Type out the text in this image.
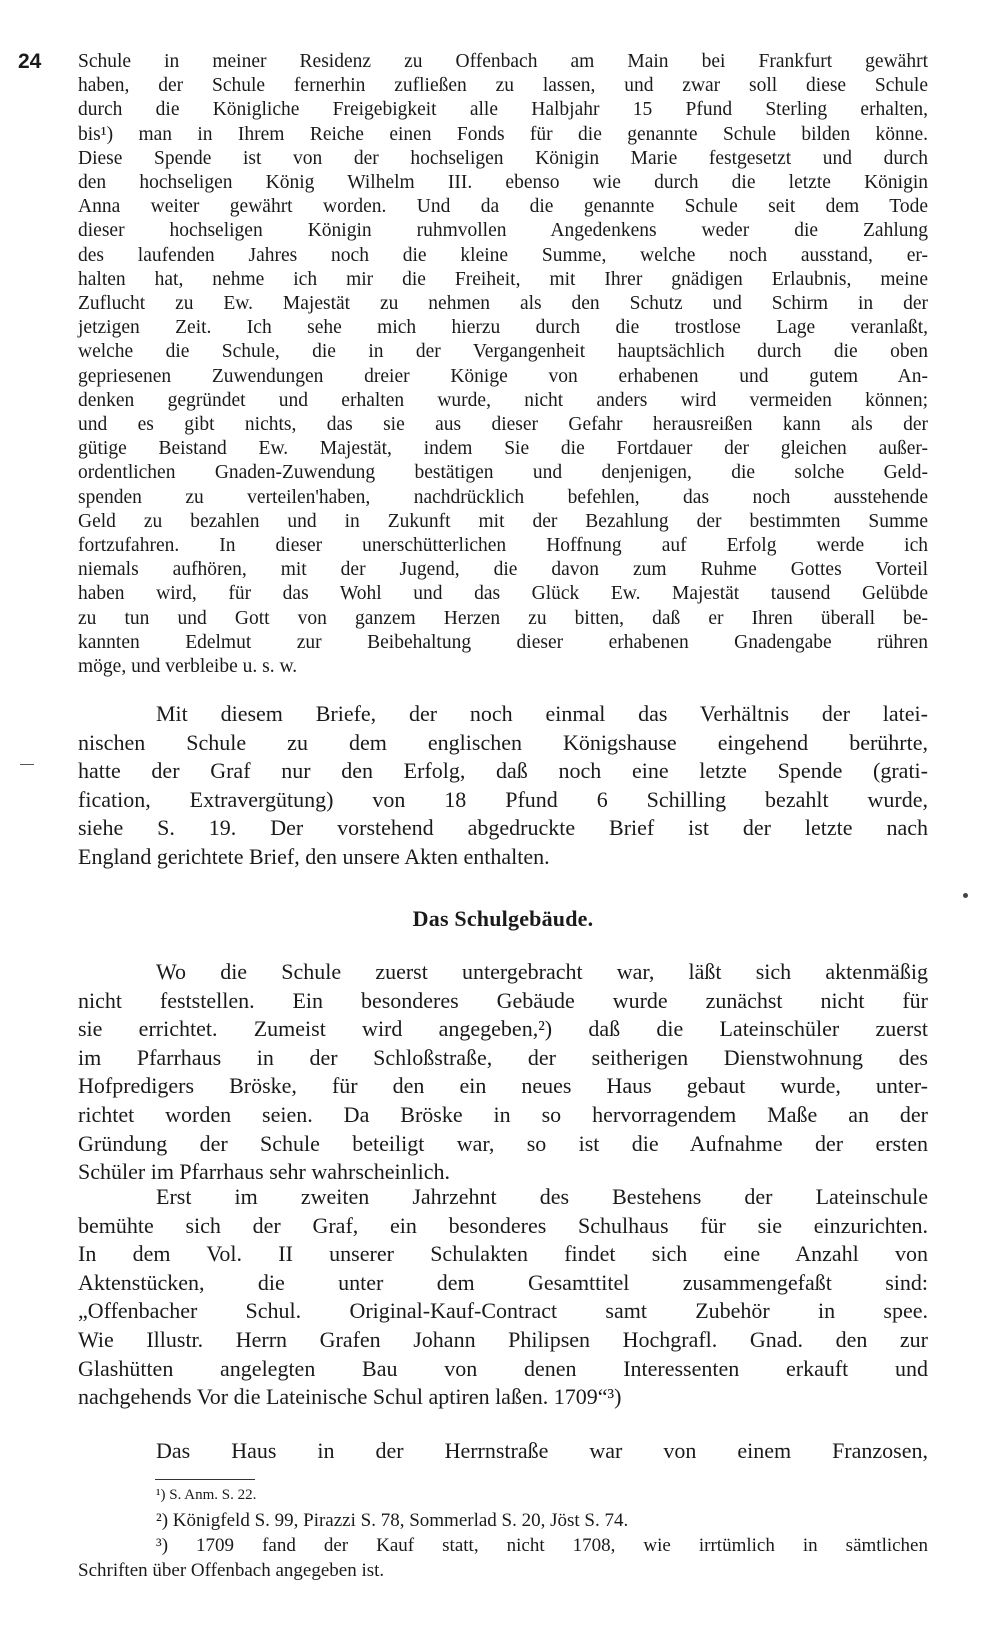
24 Schule in meiner Residenz zu Offenbach am Main bei Frankfurt gewährt
haben, der Schule fernerhin zufließen zu lassen, und zwar soll diese Schule
durch die Königliche Freigebigkeit alle Halbjahr 15 Pfund Sterling erhalten,
bis¹) man in Ihrem Reiche einen Fonds für die genannte Schule bilden könne.
Diese Spende ist von der hochseligen Königin Marie festgesetzt und durch
den hochseligen König Wilhelm III. ebenso wie durch die letzte Königin
Anna weiter gewährt worden. Und da die genannte Schule seit dem Tode
dieser hochseligen Königin ruhmvollen Angedenkens weder die Zahlung
des laufenden Jahres noch die kleine Summe, welche noch ausstand, er-
halten hat, nehme ich mir die Freiheit, mit Ihrer gnädigen Erlaubnis, meine
Zuflucht zu Ew. Majestät zu nehmen als den Schutz und Schirm in der
jetzigen Zeit. Ich sehe mich hierzu durch die trostlose Lage veranlaßt,
welche die Schule, die in der Vergangenheit hauptsächlich durch die oben
gepriesenen Zuwendungen dreier Könige von erhabenen und gutem An-
denken gegründet und erhalten wurde, nicht anders wird vermeiden können;
und es gibt nichts, das sie aus dieser Gefahr herausreißen kann als der
gütige Beistand Ew. Majestät, indem Sie die Fortdauer der gleichen außer-
ordentlichen Gnaden-Zuwendung bestätigen und denjenigen, die solche Geld-
spenden zu verteilen'haben, nachdrücklich befehlen, das noch ausstehende
Geld zu bezahlen und in Zukunft mit der Bezahlung der bestimmten Summe
fortzufahren. In dieser unerschütterlichen Hoffnung auf Erfolg werde ich
niemals aufhören, mit der Jugend, die davon zum Ruhme Gottes Vorteil
haben wird, für das Wohl und das Glück Ew. Majestät tausend Gelübde
zu tun und Gott von ganzem Herzen zu bitten, daß er Ihren überall be-
kannten Edelmut zur Beibehaltung dieser erhabenen Gnadengabe rühren
möge, und verbleibe u. s. w.
Mit diesem Briefe, der noch einmal das Verhältnis der latei-
nischen Schule zu dem englischen Königshause eingehend berührte,
hatte der Graf nur den Erfolg, daß noch eine letzte Spende (grati-
fication, Extravergütung) von 18 Pfund 6 Schilling bezahlt wurde,
siehe S. 19. Der vorstehend abgedruckte Brief ist der letzte nach
England gerichtete Brief, den unsere Akten enthalten.
Das Schulgebäude.
Wo die Schule zuerst untergebracht war, läßt sich aktenmäßig
nicht feststellen. Ein besonderes Gebäude wurde zunächst nicht für
sie errichtet. Zumeist wird angegeben,²) daß die Lateinschüler zuerst
im Pfarrhaus in der Schloßstraße, der seitherigen Dienstwohnung des
Hofpredigers Bröske, für den ein neues Haus gebaut wurde, unter-
richtet worden seien. Da Bröske in so hervorragendem Maße an der
Gründung der Schule beteiligt war, so ist die Aufnahme der ersten
Schüler im Pfarrhaus sehr wahrscheinlich.
Erst im zweiten Jahrzehnt des Bestehens der Lateinschule
bemühte sich der Graf, ein besonderes Schulhaus für sie einzurichten.
In dem Vol. II unserer Schulakten findet sich eine Anzahl von
Aktenstücken, die unter dem Gesamttitel zusammengefaßt sind:
„Offenbacher Schul. Original-Kauf-Contract samt Zubehör in spee.
Wie Illustr. Herrn Grafen Johann Philipsen Hochgrafl. Gnad. den zur
Glashütten angelegten Bau von denen Interessenten erkauft und
nachgehends Vor die Lateinische Schul aptiren laßen. 1709“³)
Das Haus in der Herrnstraße war von einem Franzosen,
¹) S. Anm. S. 22.
²) Königfeld S. 99, Pirazzi S. 78, Sommerlad S. 20, Jöst S. 74.
³) 1709 fand der Kauf statt, nicht 1708, wie irrtümlich in sämtlichen
Schriften über Offenbach angegeben ist.
